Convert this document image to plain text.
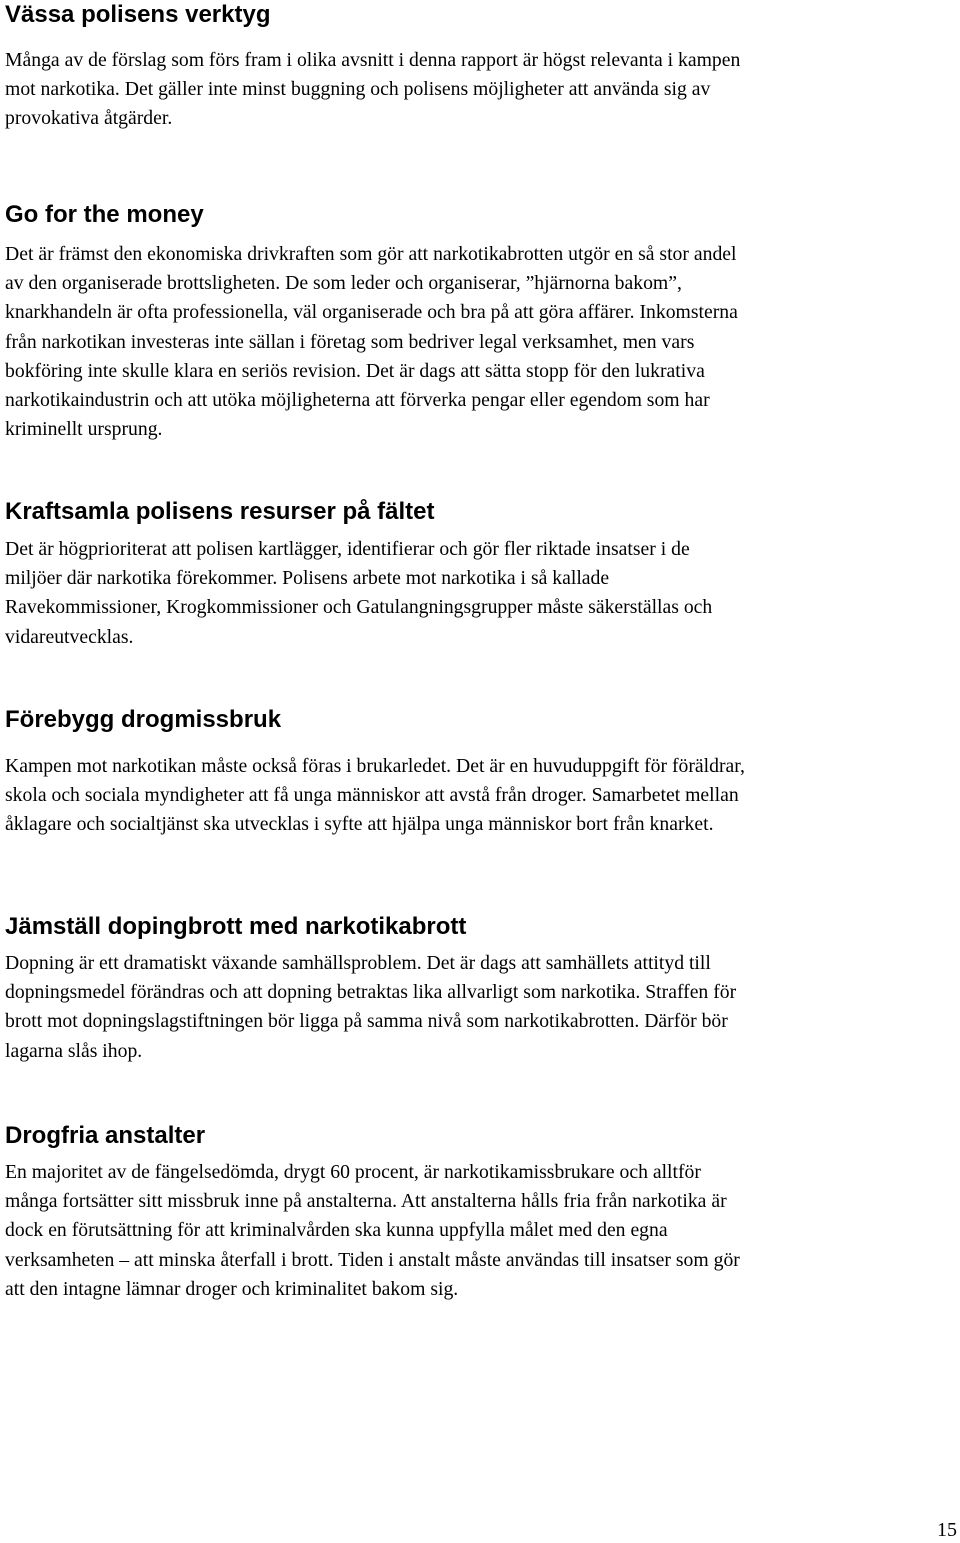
Vässa polisens verktyg
Många av de förslag som förs fram i olika avsnitt i denna rapport är högst relevanta i kampen
mot narkotika. Det gäller inte minst buggning och polisens möjligheter att använda sig av
provokativa åtgärder.
Go for the money
Det är främst den ekonomiska drivkraften som gör att narkotikabrotten utgör en så stor andel
av den organiserade brottsligheten. De som leder och organiserar, ”hjärnorna bakom”,
knarkhandeln är ofta professionella, väl organiserade och bra på att göra affärer. Inkomsterna
från narkotikan investeras inte sällan i företag som bedriver legal verksamhet, men vars
bokföring inte skulle klara en seriös revision. Det är dags att sätta stopp för den lukrativa
narkotikaindustrin och att utöka möjligheterna att förverka pengar eller egendom som har
kriminellt ursprung.
Kraftsamla polisens resurser på fältet
Det är högprioriterat att polisen kartlägger, identifierar och gör fler riktade insatser i de
miljöer där narkotika förekommer. Polisens arbete mot narkotika i så kallade
Ravekommissioner, Krogkommissioner och Gatulangningsgrupper måste säkerställas och
vidareutvecklas.
Förebygg drogmissbruk
Kampen mot narkotikan måste också föras i brukarledet. Det är en huvuduppgift för föräldrar,
skola och sociala myndigheter att få unga människor att avstå från droger. Samarbetet mellan
åklagare och socialtjänst ska utvecklas i syfte att hjälpa unga människor bort från knarket.
Jämställ dopingbrott med narkotikabrott
Dopning är ett dramatiskt växande samhällsproblem. Det är dags att samhällets attityd till
dopningsmedel förändras och att dopning betraktas lika allvarligt som narkotika. Straffen för
brott mot dopningslagstiftningen bör ligga på samma nivå som narkotikabrotten. Därför bör
lagarna slås ihop.
Drogfria anstalter
En majoritet av de fängelsedömda, drygt 60 procent, är narkotikamissbrukare och alltför
många fortsätter sitt missbruk inne på anstalterna. Att anstalterna hålls fria från narkotika är
dock en förutsättning för att kriminalvården ska kunna uppfylla målet med den egna
verksamheten – att minska återfall i brott. Tiden i anstalt måste användas till insatser som gör
att den intagne lämnar droger och kriminalitet bakom sig.
15
